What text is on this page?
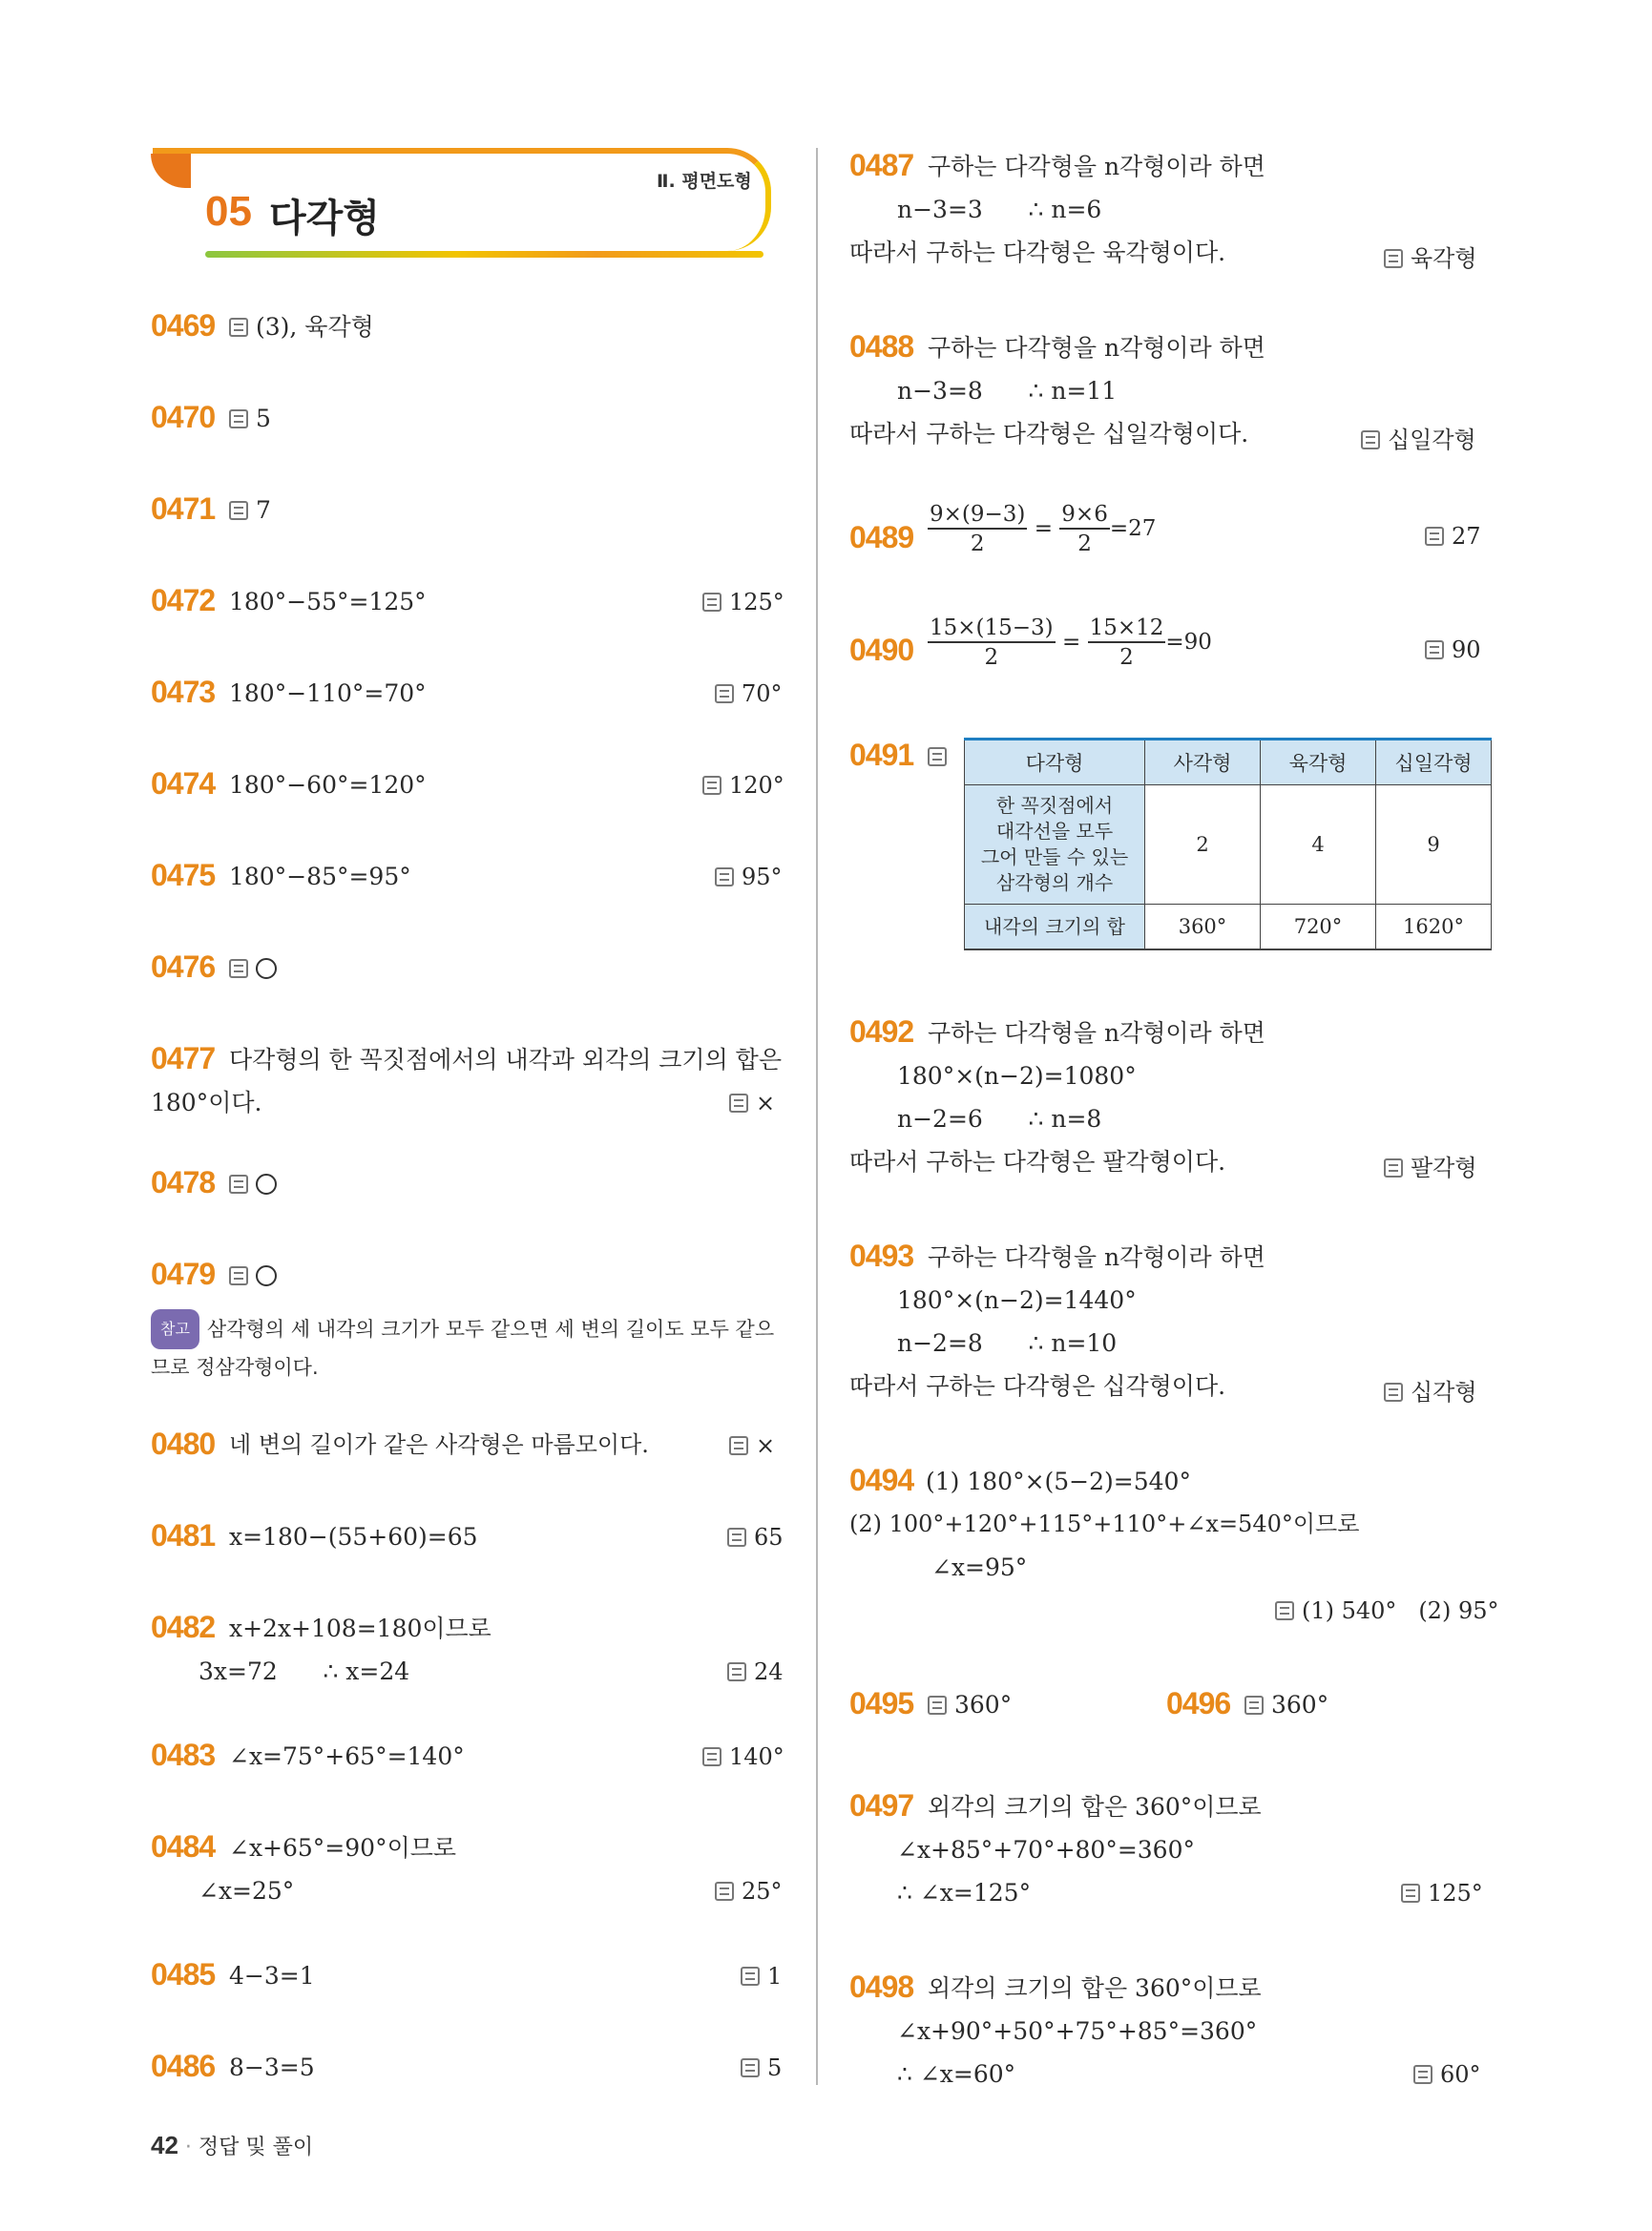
05 다각형
Ⅱ. 평면도형
0469	(3), 육각형
0470	5
0471	7
0472 180°−55°=125°	125°
0473 180°−110°=70°	70°
0474 180°−60°=120°	120°
0475 180°−85°=95°	95°
0476
0477 다각형의 한 꼭짓점에서의 내각과 외각의 크기의 합은
180°이다.	×
0478
0479
참고 삼각형의 세 내각의 크기가 모두 같으면 세 변의 길이도 모두 같으므로 정삼각형이다.
0480 네 변의 길이가 같은 사각형은 마름모이다.	×
0481 x=180−(55+60)=65	65
0482 x+2x+108=180이므로
3x=72      ∴ x=24	24
0483 ∠x=75°+65°=140°	140°
0484 ∠x+65°=90°이므로
∠x=25°	25°
0485 4−3=1	1
0486 8−3=5	5
0487 구하는 다각형을 n각형이라 하면
n−3=3      ∴ n=6
따라서 구하는 다각형은 육각형이다.	육각형
0488 구하는 다각형을 n각형이라 하면
n−3=8      ∴ n=11
따라서 구하는 다각형은 십일각형이다.	십일각형
$0489 \frac{9\times(9-3)}{2} = \frac{9\times 6}{2} =27$	27
$0490 \frac{15\times(15-3)}{2} = \frac{15\times 12}{2} =90$	90
0491	다각형	사각형	육각형	십일각형
한 꼭짓점에서
대각선을 모두
그어 만들 수 있는
삼각형의 개수	2	4	9
내각의 크기의 합	360°	720°	1620°
0492 구하는 다각형을 n각형이라 하면
180°×(n−2)=1080°
n−2=6      ∴ n=8
따라서 구하는 다각형은 팔각형이다.	팔각형
0493 구하는 다각형을 n각형이라 하면
180°×(n−2)=1440°
n−2=8      ∴ n=10
따라서 구하는 다각형은 십각형이다.	십각형
0494 (1) 180°×(5−2)=540°
(2) 100°+120°+115°+110°+∠x=540°이므로
∠x=95°
(1) 540°   (2) 95°
0495	360°	0496	360°
0497 외각의 크기의 합은 360°이므로
∠x+85°+70°+80°=360°
∴ ∠x=125°	125°
0498 외각의 크기의 합은 360°이므로
∠x+90°+50°+75°+85°=360°
∴ ∠x=60°	60°
42 · 정답 및 풀이
